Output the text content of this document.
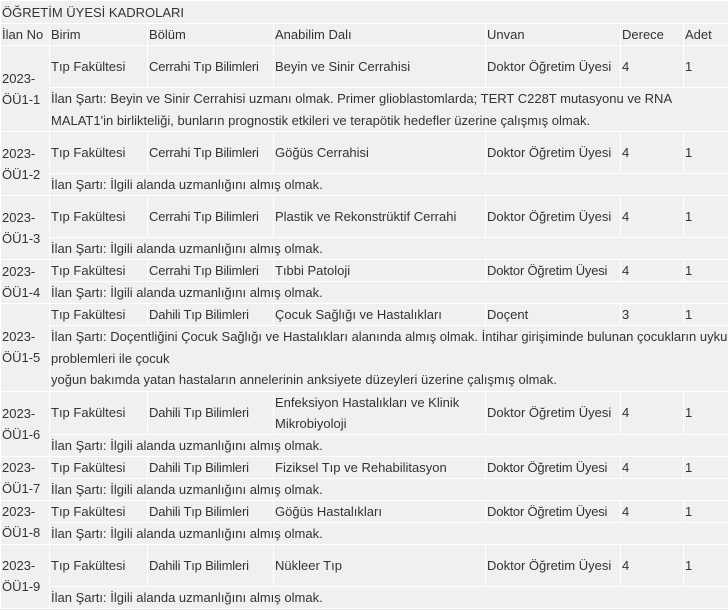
ÖĞRETİM ÜYESİ KADROLARI						
İlan No	Birim	Bölüm	Anabilim Dalı	Unvan	Derece	Adet
2023-ÖÜ1-1	Tıp Fakültesi	Cerrahi Tıp Bilimleri	Beyin ve Sinir Cerrahisi	Doktor Öğretim Üyesi	4	1
	İlan Şartı: Beyin ve Sinir Cerrahisi uzmanı olmak. Primer glioblastomlarda; TERT C228T mutasyonu ve RNA MALAT1'in birlikteliği, bunların prognostik etkileri ve terapötik hedefler üzerine çalışmış olmak.					
2023-ÖÜ1-2	Tıp Fakültesi	Cerrahi Tıp Bilimleri	Göğüs Cerrahisi	Doktor Öğretim Üyesi	4	1
	İlan Şartı: İlgili alanda uzmanlığını almış olmak.					
2023-ÖÜ1-3	Tıp Fakültesi	Cerrahi Tıp Bilimleri	Plastik ve Rekonstrüktif Cerrahi	Doktor Öğretim Üyesi	4	1
	İlan Şartı: İlgili alanda uzmanlığını almış olmak.					
2023-ÖÜ1-4	Tıp Fakültesi	Cerrahi Tıp Bilimleri	Tıbbi Patoloji	Doktor Öğretim Üyesi	4	1
	İlan Şartı: İlgili alanda uzmanlığını almış olmak.					
2023-ÖÜ1-5	Tıp Fakültesi	Dahili Tıp Bilimleri	Çocuk Sağlığı ve Hastalıkları	Doçent	3	1

	İlan Şartı: Doçentliğini Çocuk Sağlığı ve Hastalıkları alanında almış olmak. İntihar girişiminde bulunan çocukların uyku problemleri ile çocuk
yoğun bakımda yatan hastaların annelerinin anksiyete düzeyleri üzerine çalışmış olmak.					

2023-ÖÜ1-6	Tıp Fakültesi	Dahili Tıp Bilimleri	Enfeksiyon Hastalıkları ve Klinik Mikrobiyoloji	Doktor Öğretim Üyesi	4	1
	İlan Şartı: İlgili alanda uzmanlığını almış olmak.					
2023-ÖÜ1-7	Tıp Fakültesi	Dahili Tıp Bilimleri	Fiziksel Tıp ve Rehabilitasyon	Doktor Öğretim Üyesi	4	1
	İlan Şartı: İlgili alanda uzmanlığını almış olmak.					
2023-ÖÜ1-8	Tıp Fakültesi	Dahili Tıp Bilimleri	Göğüs Hastalıkları	Doktor Öğretim Üyesi	4	1
	İlan Şartı: İlgili alanda uzmanlığını almış olmak.					
2023-ÖÜ1-9	Tıp Fakültesi	Dahili Tıp Bilimleri	Nükleer Tıp	Doktor Öğretim Üyesi	4	1
	İlan Şartı: İlgili alanda uzmanlığını almış olmak.					
